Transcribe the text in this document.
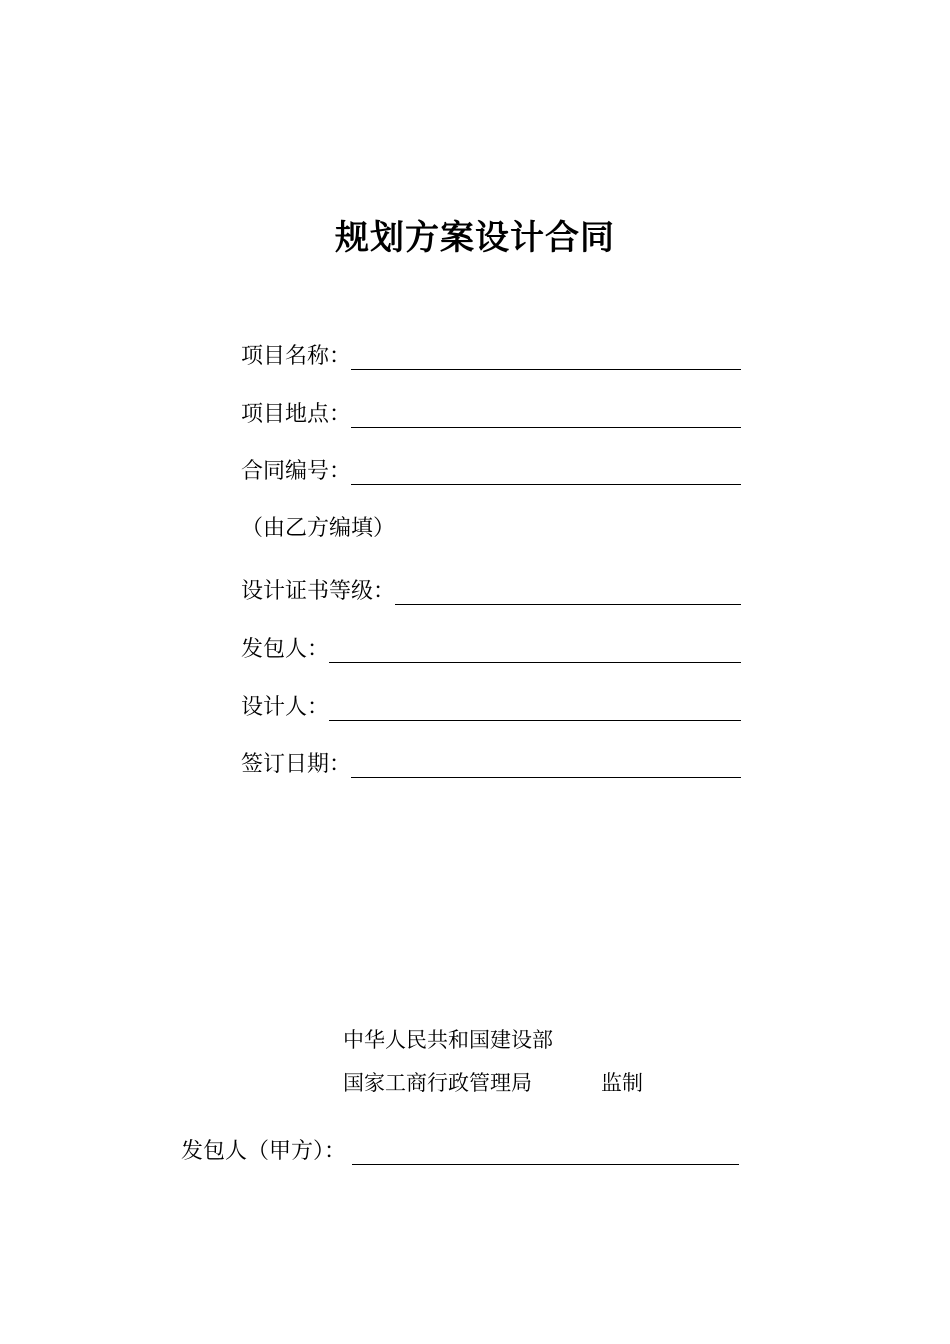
规划方案设计合同
项目名称：
项目地点：
合同编号：
（由乙方编填）
设计证书等级：
发包人：
设计人：
签订日期：
中华人民共和国建设部
国家工商行政管理局	监制
发包人（甲方）：
